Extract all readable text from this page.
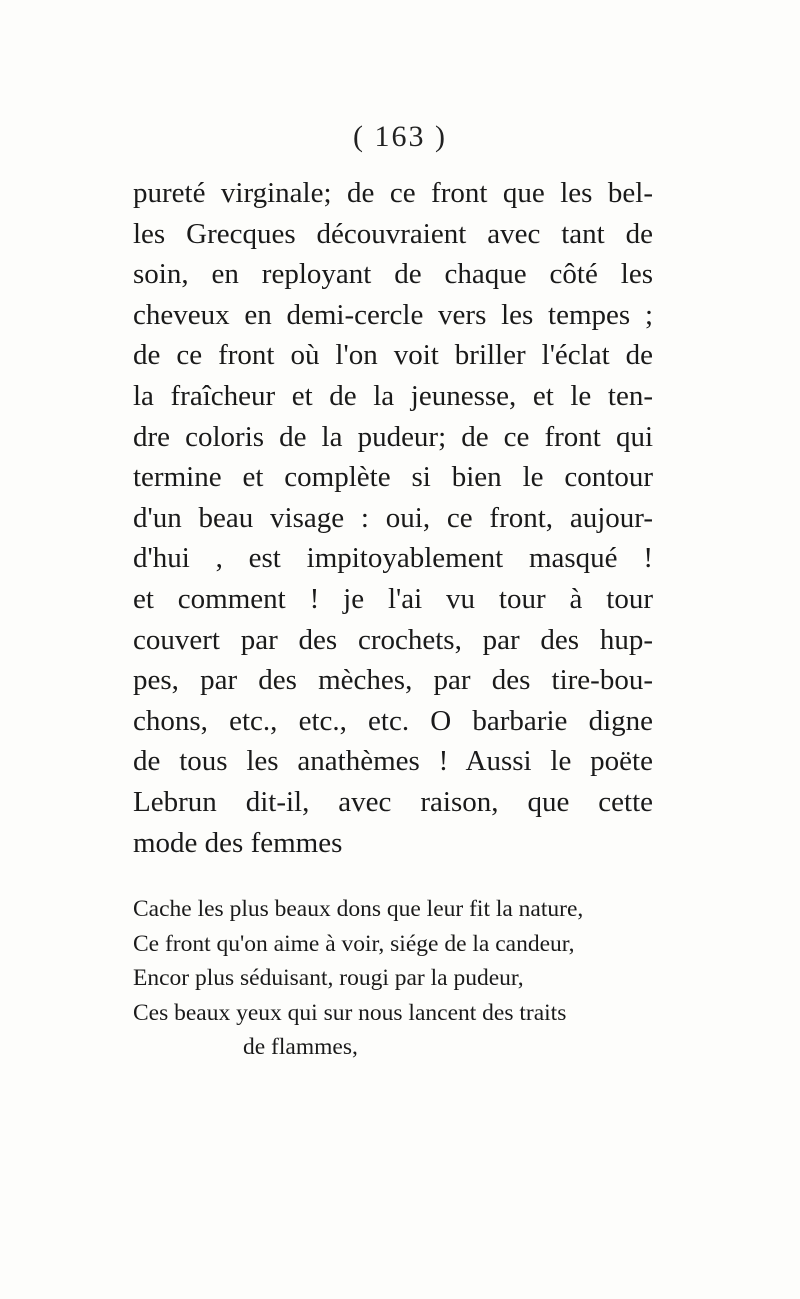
( 163 )
pureté virginale; de ce front que les bel-
les Grecques découvraient avec tant de
soin, en reployant de chaque côté les
cheveux en demi-cercle vers les tempes ;
de ce front où l'on voit briller l'éclat de
la fraîcheur et de la jeunesse, et le ten-
dre coloris de la pudeur; de ce front qui
termine et complète si bien le contour
d'un beau visage : oui, ce front, aujour-
d'hui , est impitoyablement masqué !
et comment ! je l'ai vu tour à tour
couvert par des crochets, par des hup-
pes, par des mèches, par des tire-bou-
chons, etc., etc., etc. O barbarie digne
de tous les anathèmes ! Aussi le poëte
Lebrun dit-il, avec raison, que cette
mode des femmes
Cache les plus beaux dons que leur fit la nature,
Ce front qu'on aime à voir, siége de la candeur,
Encor plus séduisant, rougi par la pudeur,
Ces beaux yeux qui sur nous lancent des traits
de flammes,
